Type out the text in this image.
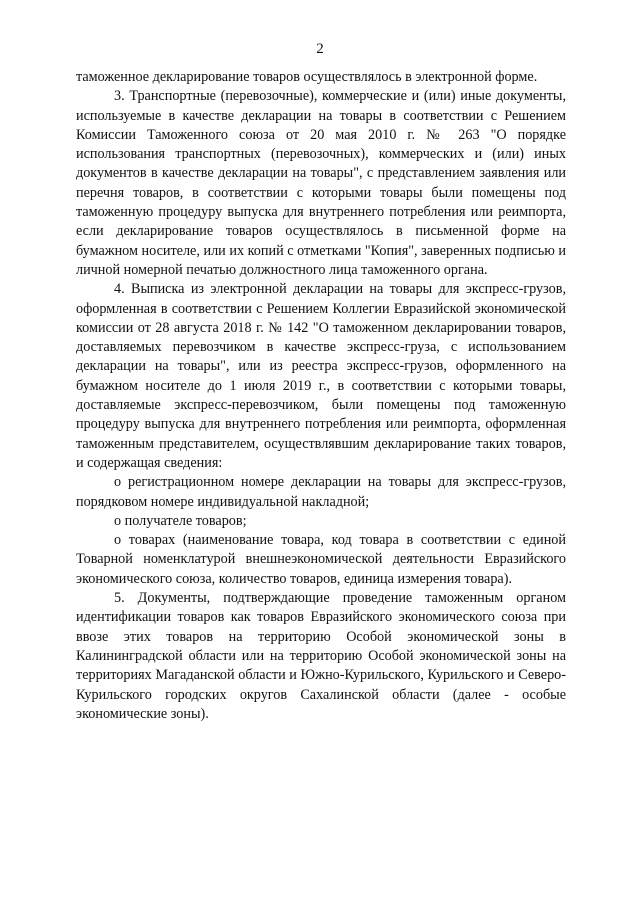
2

таможенное декларирование товаров осуществлялось в электронной форме.

3. Транспортные (перевозочные), коммерческие и (или) иные документы, используемые в качестве декларации на товары в соответствии с Решением Комиссии Таможенного союза от 20 мая 2010 г. № 263 "О порядке использования транспортных (перевозочных), коммерческих и (или) иных документов в качестве декларации на товары", с представлением заявления или перечня товаров, в соответствии с которыми товары были помещены под таможенную процедуру выпуска для внутреннего потребления или реимпорта, если декларирование товаров осуществлялось в письменной форме на бумажном носителе, или их копий с отметками "Копия", заверенных подписью и личной номерной печатью должностного лица таможенного органа.

4. Выписка из электронной декларации на товары для экспресс-грузов, оформленная в соответствии с Решением Коллегии Евразийской экономической комиссии от 28 августа 2018 г. № 142 "О таможенном декларировании товаров, доставляемых перевозчиком в качестве экспресс-груза, с использованием декларации на товары", или из реестра экспресс-грузов, оформленного на бумажном носителе до 1 июля 2019 г., в соответствии с которыми товары, доставляемые экспресс-перевозчиком, были помещены под таможенную процедуру выпуска для внутреннего потребления или реимпорта, оформленная таможенным представителем, осуществлявшим декларирование таких товаров, и содержащая сведения:

о регистрационном номере декларации на товары для экспресс-грузов, порядковом номере индивидуальной накладной;

о получателе товаров;

о товарах (наименование товара, код товара в соответствии с единой Товарной номенклатурой внешнеэкономической деятельности Евразийского экономического союза, количество товаров, единица измерения товара).

5. Документы, подтверждающие проведение таможенным органом идентификации товаров как товаров Евразийского экономического союза при ввозе этих товаров на территорию Особой экономической зоны в Калининградской области или на территорию Особой экономической зоны на территориях Магаданской области и Южно-Курильского, Курильского и Северо-Курильского городских округов Сахалинской области (далее - особые экономические зоны).
